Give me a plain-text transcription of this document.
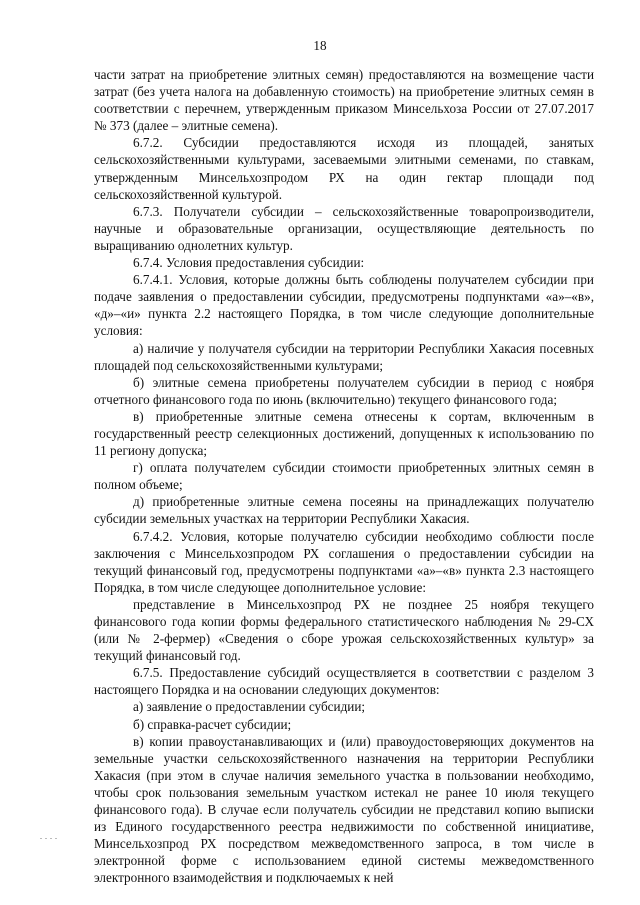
18

части затрат на приобретение элитных семян) предоставляются на возмещение части затрат (без учета налога на добавленную стоимость) на приобретение элитных семян в соответствии с перечнем, утвержденным приказом Минсельхоза России от 27.07.2017 № 373 (далее – элитные семена).

6.7.2. Субсидии предоставляются исходя из площадей, занятых сельскохозяйственными культурами, засеваемыми элитными семенами, по ставкам, утвержденным Минсельхозпродом РХ на один гектар площади под сельскохозяйственной культурой.

6.7.3. Получатели субсидии – сельскохозяйственные товаропроизводители, научные и образовательные организации, осуществляющие деятельность по выращиванию однолетних культур.

6.7.4. Условия предоставления субсидии:

6.7.4.1. Условия, которые должны быть соблюдены получателем субсидии при подаче заявления о предоставлении субсидии, предусмотрены подпунктами «а»–«в», «д»–«и» пункта 2.2 настоящего Порядка, в том числе следующие дополнительные условия:

а) наличие у получателя субсидии на территории Республики Хакасия посевных площадей под сельскохозяйственными культурами;

б) элитные семена приобретены получателем субсидии в период с ноября отчетного финансового года по июнь (включительно) текущего финансового года;

в) приобретенные элитные семена отнесены к сортам, включенным в государственный реестр селекционных достижений, допущенных к использованию по 11 региону допуска;

г) оплата получателем субсидии стоимости приобретенных элитных семян в полном объеме;

д) приобретенные элитные семена посеяны на принадлежащих получателю субсидии земельных участках на территории Республики Хакасия.

6.7.4.2. Условия, которые получателю субсидии необходимо соблюсти после заключения с Минсельхозпродом РХ соглашения о предоставлении субсидии на текущий финансовый год, предусмотрены подпунктами «а»–«в» пункта 2.3 настоящего Порядка, в том числе следующее дополнительное условие:

представление в Минсельхозпрод РХ не позднее 25 ноября текущего финансового года копии формы федерального статистического наблюдения № 29-СХ (или № 2-фермер) «Сведения о сборе урожая сельскохозяйственных культур» за текущий финансовый год.

6.7.5. Предоставление субсидий осуществляется в соответствии с разделом 3 настоящего Порядка и на основании следующих документов:

а) заявление о предоставлении субсидии;

б) справка-расчет субсидии;

в) копии правоустанавливающих и (или) правоудостоверяющих документов на земельные участки сельскохозяйственного назначения на территории Республики Хакасия (при этом в случае наличия земельного участка в пользовании необходимо, чтобы срок пользования земельным участком истекал не ранее 10 июля текущего финансового года). В случае если получатель субсидии не представил копию выписки из Единого государственного реестра недвижимости по собственной инициативе, Минсельхозпрод РХ посредством межведомственного запроса, в том числе в электронной форме с использованием единой системы межведомственного электронного взаимодействия и подключаемых к ней
